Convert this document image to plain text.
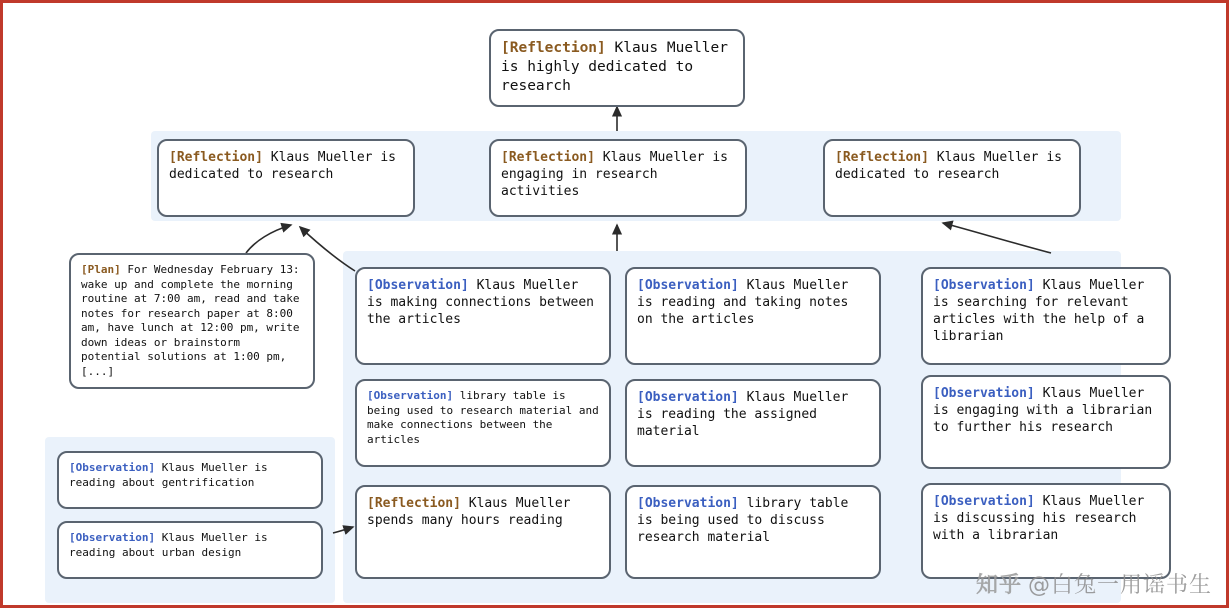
[Reflection] Klaus Mueller is highly dedicated to research
[Reflection] Klaus Mueller is dedicated to research
[Reflection] Klaus Mueller is engaging in research activities
[Reflection] Klaus Mueller is dedicated to research
[Plan] For Wednesday February 13: wake up and complete the morning routine at 7:00 am, read and take notes for research paper at 8:00 am, have lunch at 12:00 pm, write down ideas or brainstorm potential solutions at 1:00 pm, [...]
[Observation] Klaus Mueller is reading about gentrification
[Observation] Klaus Mueller is reading about urban design
[Observation] Klaus Mueller is making connections between the articles
[Observation] library table is being used to research material and make connections between the articles
[Reflection] Klaus Mueller spends many hours reading
[Observation] Klaus Mueller is reading and taking notes on the articles
[Observation] Klaus Mueller is reading the assigned material
[Observation] library table is being used to discuss research material
[Observation] Klaus Mueller is searching for relevant articles with the help of a librarian
[Observation] Klaus Mueller is engaging with a librarian to further his research
[Observation] Klaus Mueller is discussing his research with a librarian
知乎 @白兔一用谣书生
